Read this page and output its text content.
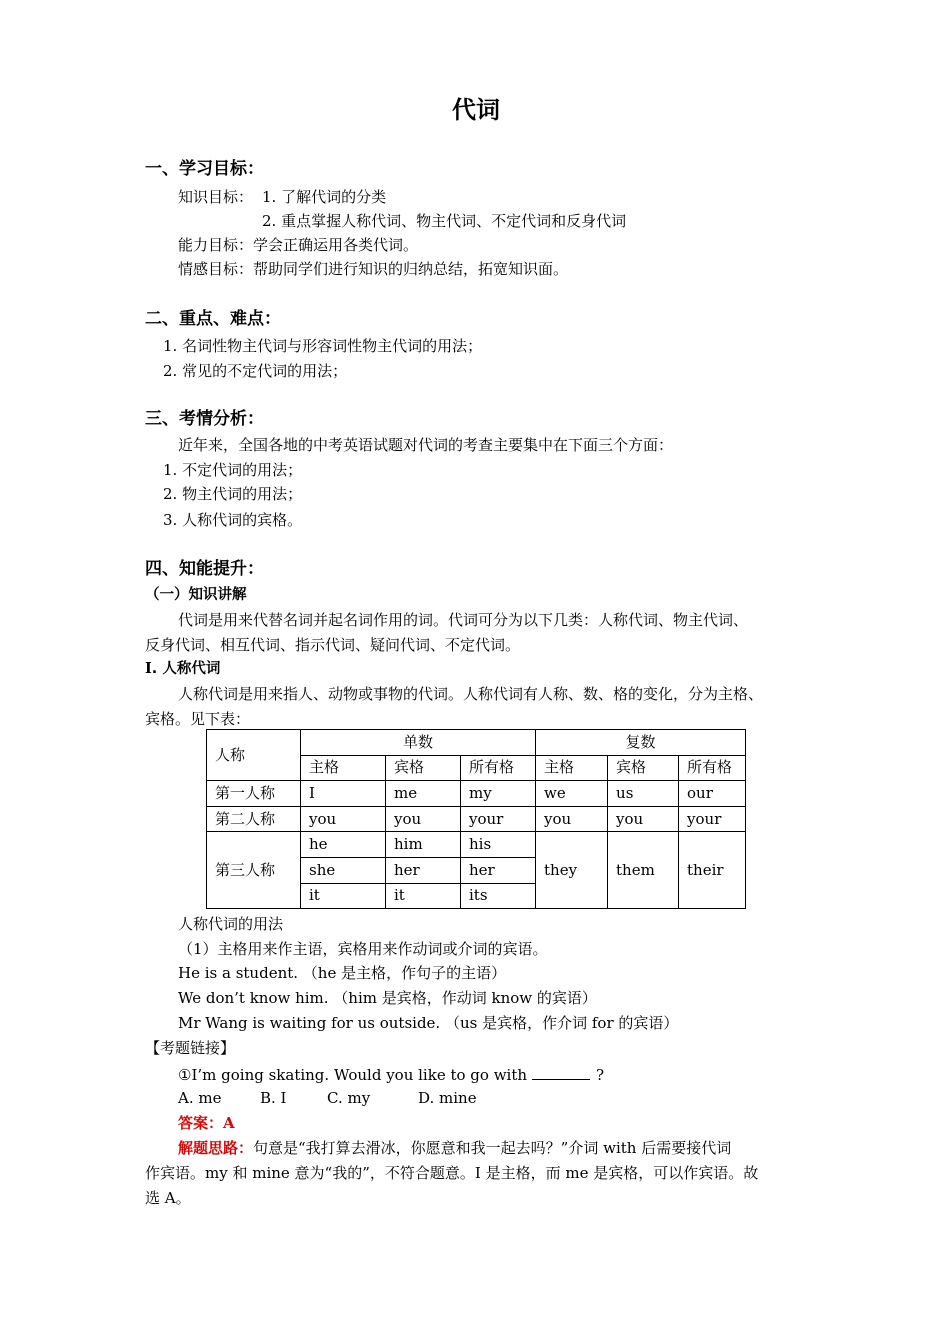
代词
一、学习目标：
知识目标： 1. 了解代词的分类
2. 重点掌握人称代词、物主代词、不定代词和反身代词
能力目标：学会正确运用各类代词。
情感目标：帮助同学们进行知识的归纳总结，拓宽知识面。
二、重点、难点：
1. 名词性物主代词与形容词性物主代词的用法；
2. 常见的不定代词的用法；
三、考情分析：
近年来，全国各地的中考英语试题对代词的考查主要集中在下面三个方面：
1. 不定代词的用法；
2. 物主代词的用法；
3. 人称代词的宾格。
四、知能提升：
（一）知识讲解
代词是用来代替名词并起名词作用的词。代词可分为以下几类：人称代词、物主代词、
反身代词、相互代词、指示代词、疑问代词、不定代词。
I. 人称代词
人称代词是用来指人、动物或事物的代词。人称代词有人称、数、格的变化，分为主格、
宾格。见下表：
人称	单数			复数		
	主格	宾格	所有格	主格	宾格	所有格
第一人称	I	me	my	we	us	our
第二人称	you	you	your	you	you	your
第三人称	he	him	his	they	them	their
	she	her	her			
	it	it	its			
人称代词的用法
（1）主格用来作主语，宾格用来作动词或介词的宾语。
He is a student. （he 是主格，作句子的主语）
We don’t know him. （him 是宾格，作动词 know 的宾语）
Mr Wang is waiting for us outside. （us 是宾格，作介词 for 的宾语）
【考题链接】
①I’m going skating. Would you like to go with	?
A. me	B. I	C. my	D. mine
答案：A
解题思路：句意是“我打算去滑冰，你愿意和我一起去吗？”介词 with 后需要接代词
作宾语。my 和 mine 意为“我的”，不符合题意。I 是主格，而 me 是宾格，可以作宾语。故
选 A。
